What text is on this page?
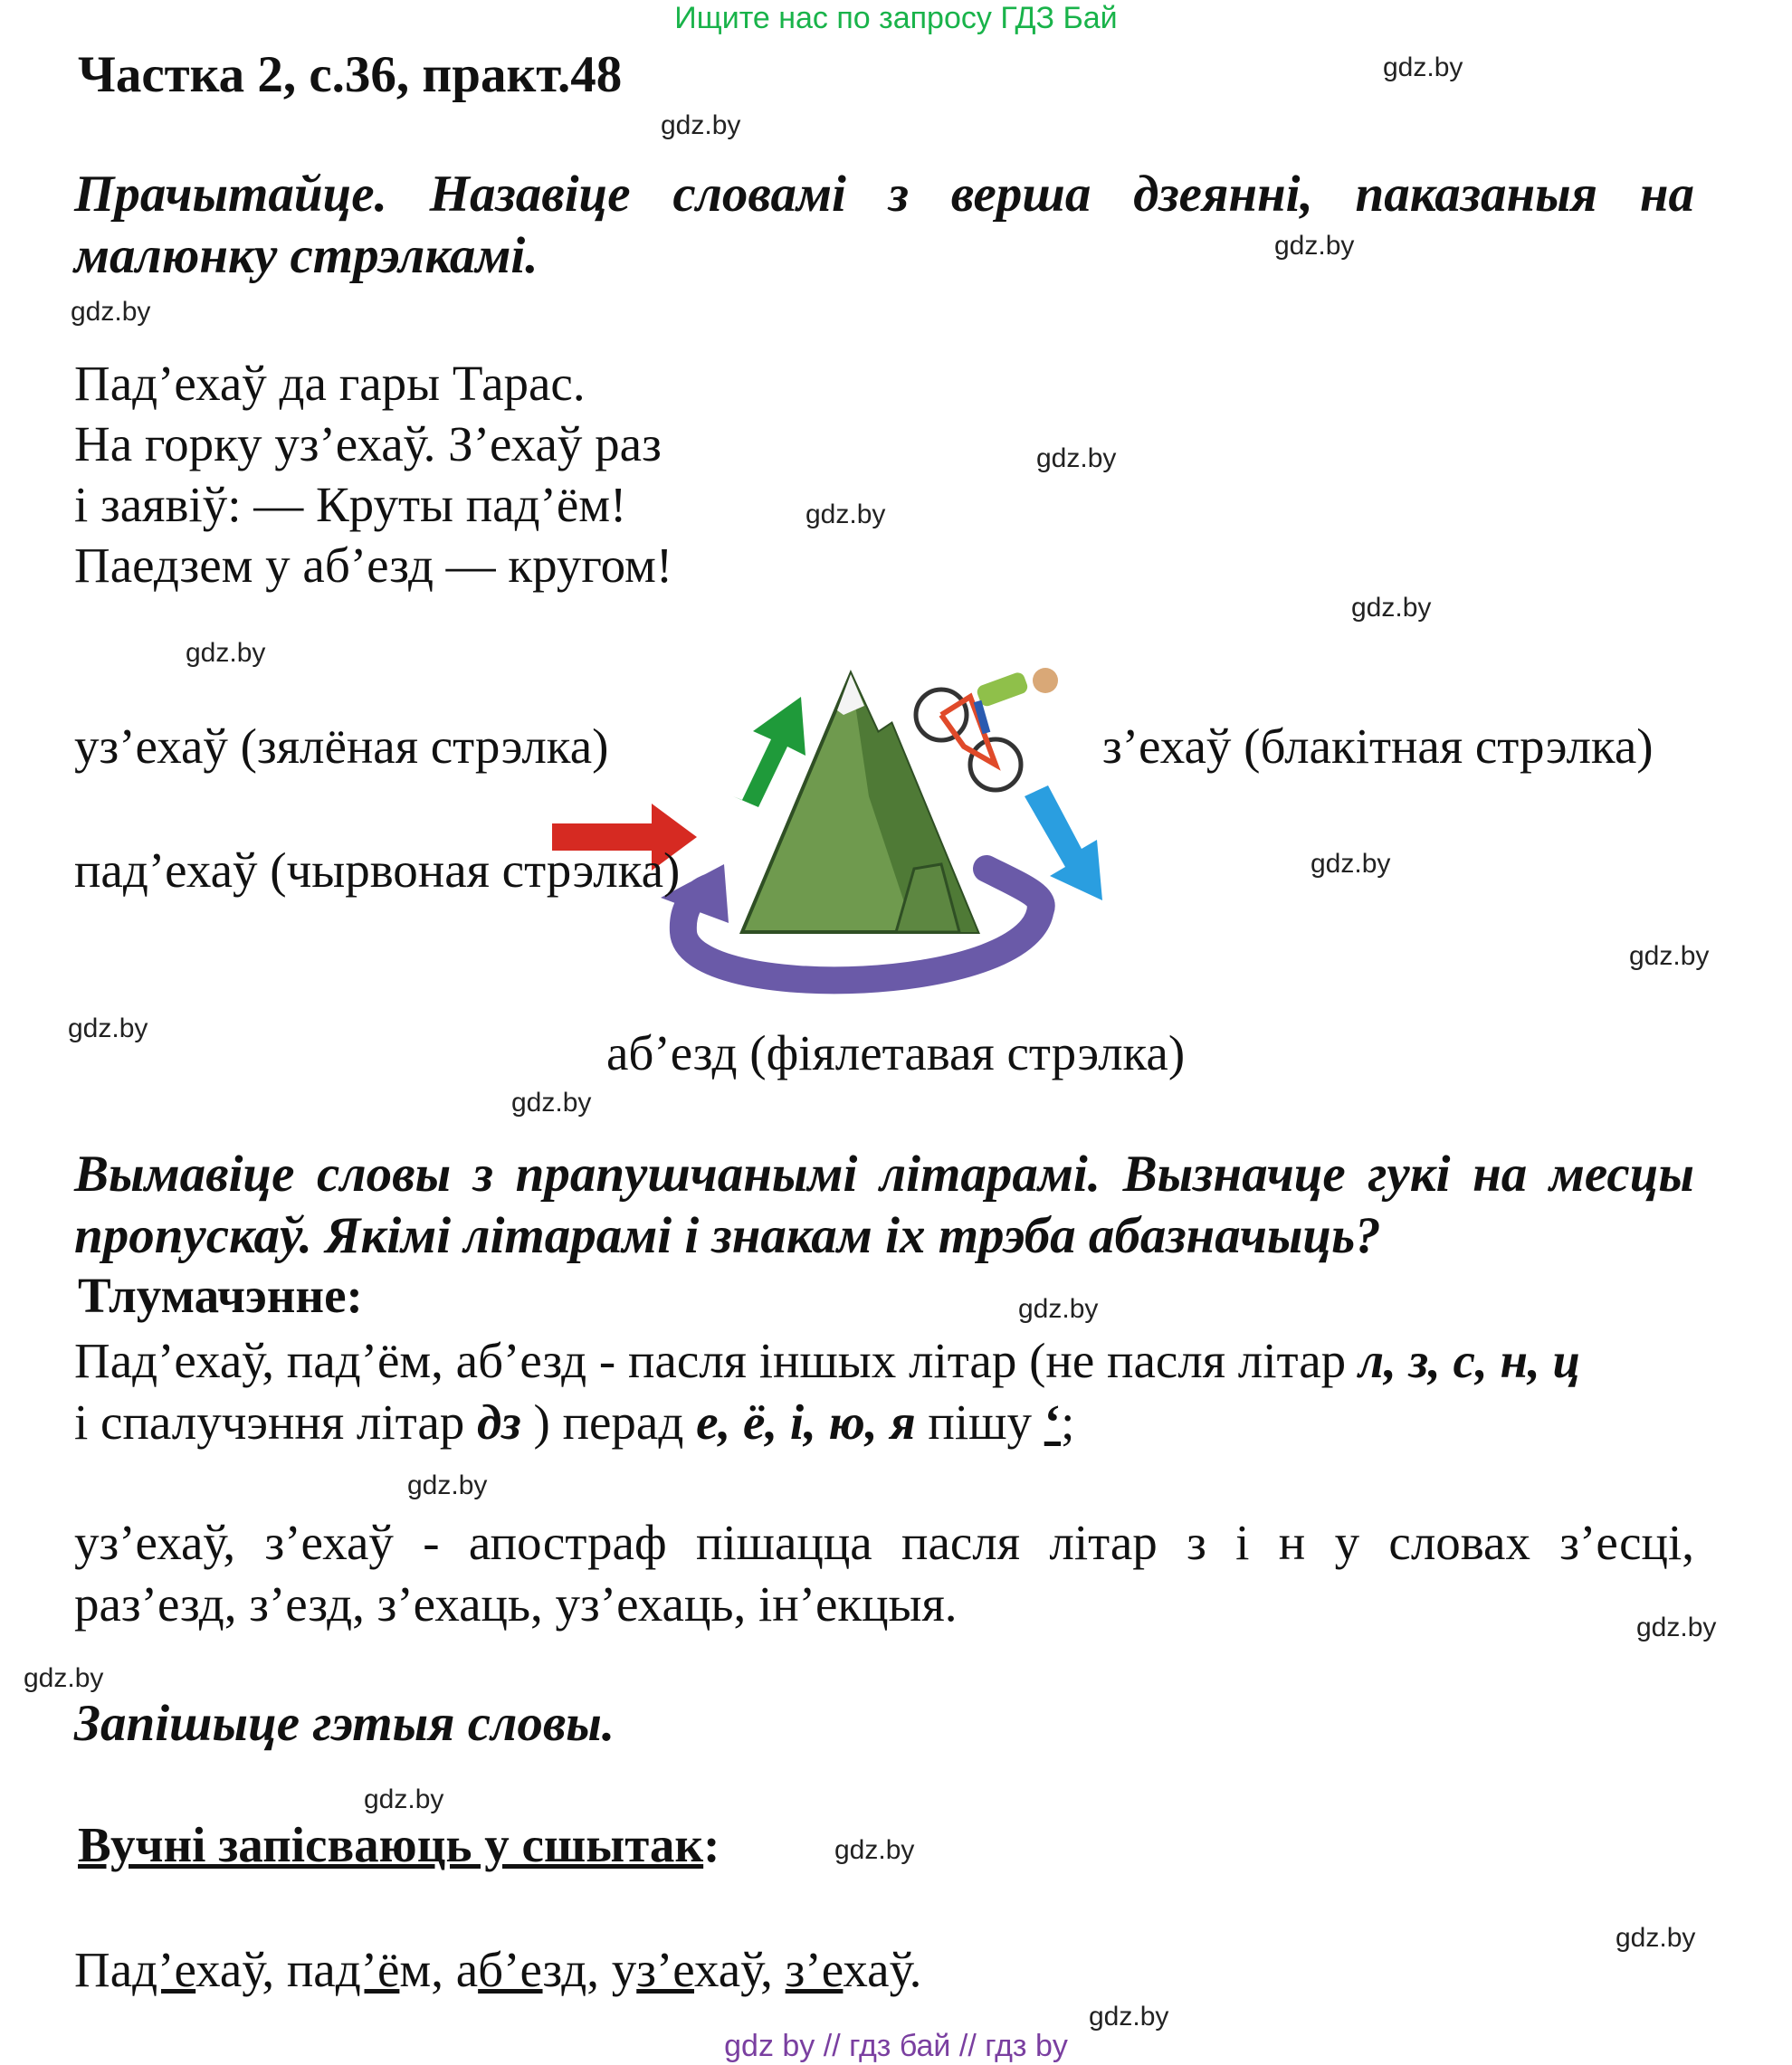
Ищите нас по запросу ГДЗ Бай
Частка 2, с.36, практ.48
Прачытайце. Назавіце словамі з верша дзеянні, паказаныя на
малюнку стрэлкамі.
Пад’ехаў да гары Тарас.
На горку уз’ехаў. З’ехаў раз
і заявіў: — Круты пад’ём!
Паедзем у аб’езд — кругом!
уз’ехаў (зялёная стрэлка)	з’ехаў (блакітная стрэлка)
пад’ехаў (чырвоная стрэлка)
аб’езд (фіялетавая стрэлка)
Вымавіце словы з прапушчанымі літарамі. Вызначце гукі на месцы
пропускаў. Якімі літарамі і знакам іх трэба абазначыць?
Тлумачэнне:
Пад’ехаў, пад’ём, аб’езд - пасля іншых літар (не пасля літар л, з, с, н, ц
і спалучэння літар дз ) перад е, ё, і, ю, я пішу ‘;
уз’ехаў, з’ехаў - апостраф пішацца пасля літар з і н у словах з’есці,
раз’езд, з’езд, з’ехаць, уз’ехаць, ін’екцыя.
Запішыце гэтыя словы.
Вучні запісваюць у сшытак:
Пад’ехаў, пад’ём, аб’езд, уз’ехаў, з’ехаў.
gdz.by
gdz.by
gdz.by
gdz.by
gdz.by
gdz.by
gdz.by
gdz.by
gdz.by
gdz.by
gdz.by
gdz.by
gdz.by
gdz.by
gdz.by
gdz.by
gdz.by
gdz.by
gdz.by
gdz.by
gdz by // гдз бай // гдз by
